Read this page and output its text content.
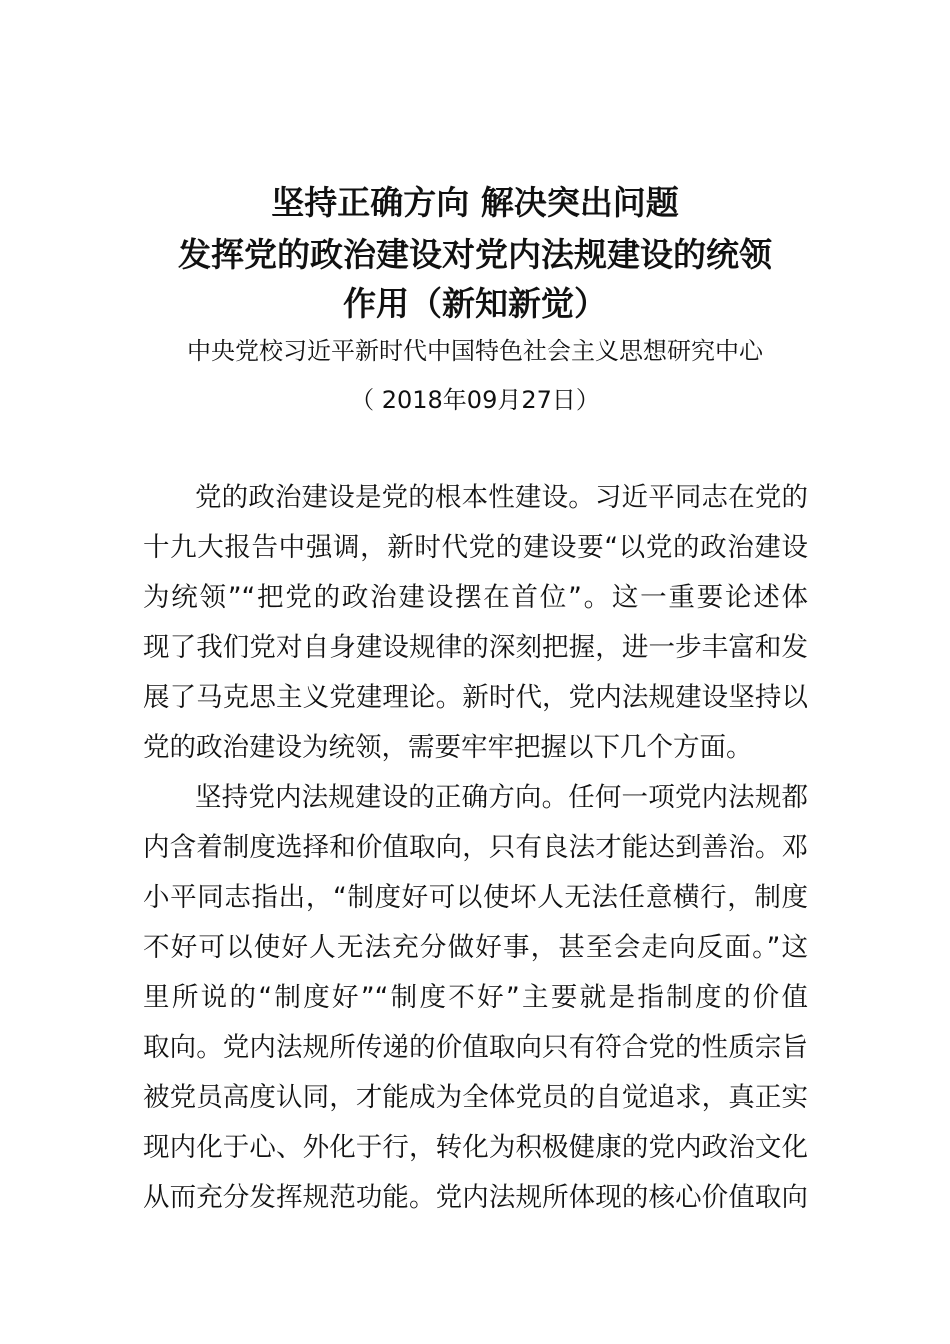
坚持正确方向 解决突出问题
发挥党的政治建设对党内法规建设的统领
作用（新知新觉）
中央党校习近平新时代中国特色社会主义思想研究中心
（ 2018年09月27日）
党的政治建设是党的根本性建设。习近平同志在党的
十九大报告中强调，新时代党的建设要“以党的政治建设
为统领”“把党的政治建设摆在首位”。这一重要论述体
现了我们党对自身建设规律的深刻把握，进一步丰富和发
展了马克思主义党建理论。新时代，党内法规建设坚持以
党的政治建设为统领，需要牢牢把握以下几个方面。
坚持党内法规建设的正确方向。任何一项党内法规都
内含着制度选择和价值取向，只有良法才能达到善治。邓
小平同志指出，“制度好可以使坏人无法任意横行，制度
不好可以使好人无法充分做好事，甚至会走向反面。”这
里所说的“制度好”“制度不好”主要就是指制度的价值
取向。党内法规所传递的价值取向只有符合党的性质宗旨
被党员高度认同，才能成为全体党员的自觉追求，真正实
现内化于心、外化于行，转化为积极健康的党内政治文化
从而充分发挥规范功能。党内法规所体现的核心价值取向
